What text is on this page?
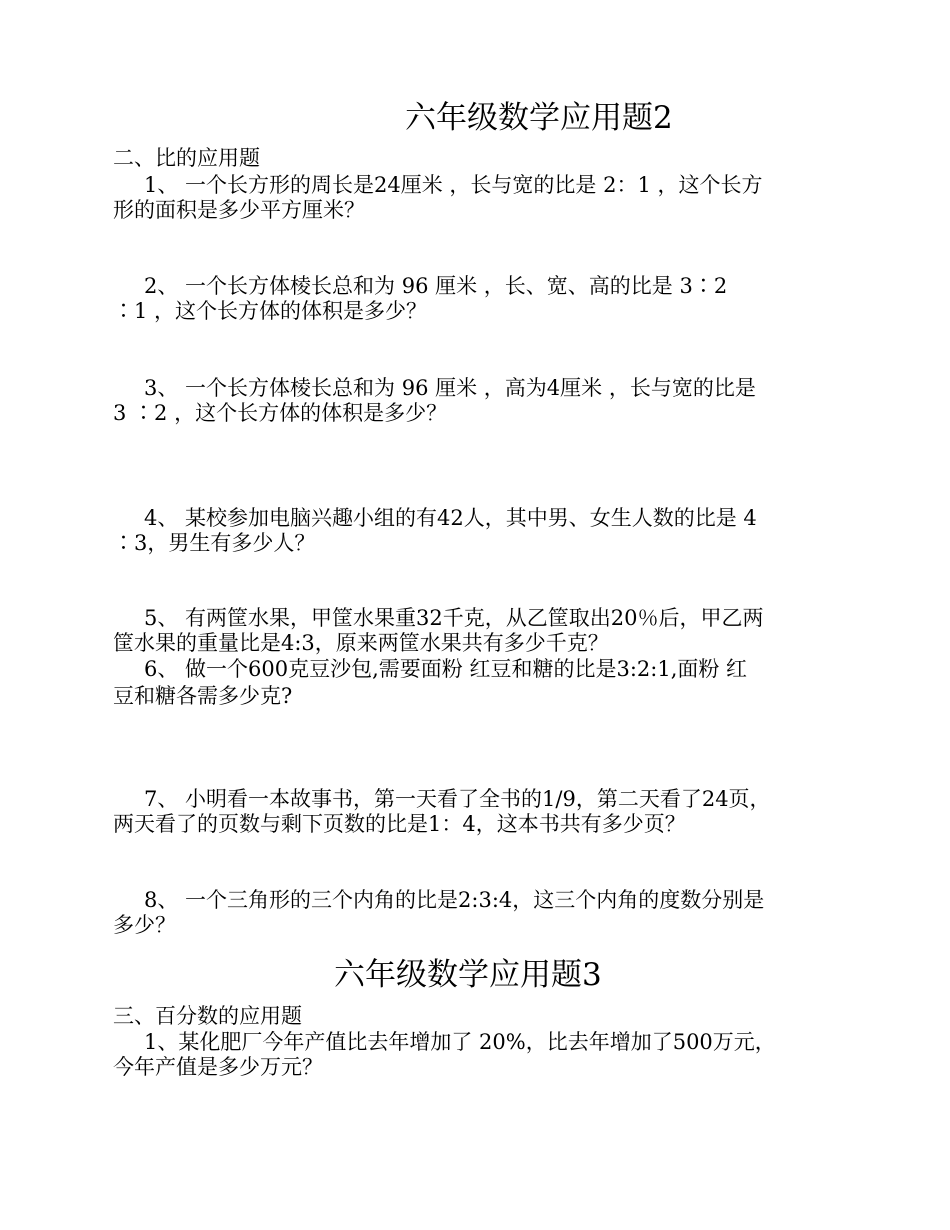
六年级数学应用题2
二、比的应用题
1、 一个长方形的周长是24厘米 ，长与宽的比是 2：1 ，这个长方
形的面积是多少平方厘米？
2、 一个长方体棱长总和为 96 厘米 ，长、宽、高的比是 3∶2
∶1 ，这个长方体的体积是多少？
3、 一个长方体棱长总和为 96 厘米 ，高为4厘米 ，长与宽的比是
3 ∶2 ，这个长方体的体积是多少？
4、 某校参加电脑兴趣小组的有42人，其中男、女生人数的比是 4
∶3，男生有多少人？
5、 有两筐水果，甲筐水果重32千克，从乙筐取出20％后，甲乙两
筐水果的重量比是4:3，原来两筐水果共有多少千克？
6、 做一个600克豆沙包,需要面粉 红豆和糖的比是3:2:1,面粉 红
豆和糖各需多少克?
7、 小明看一本故事书，第一天看了全书的1/9，第二天看了24页，
两天看了的页数与剩下页数的比是1：4，这本书共有多少页？
8、 一个三角形的三个内角的比是2:3:4，这三个内角的度数分别是
多少？
六年级数学应用题3
三、百分数的应用题
1、某化肥厂今年产值比去年增加了 20%，比去年增加了500万元，
今年产值是多少万元？
